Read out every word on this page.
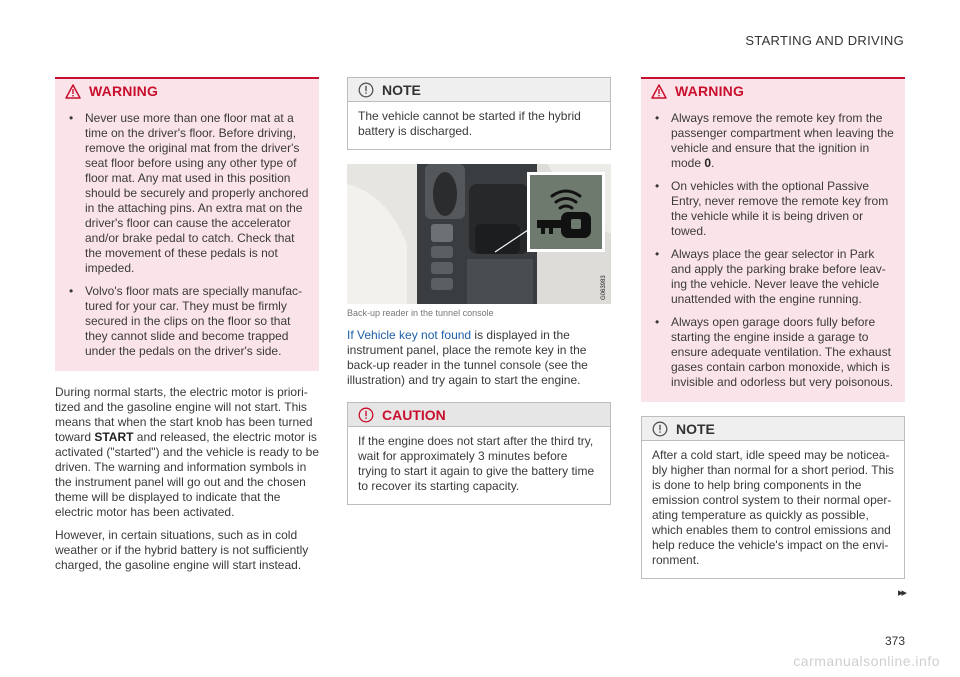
STARTING AND DRIVING
WARNING
• Never use more than one floor mat at a time on the driver's floor. Before driving, remove the original mat from the driver's seat floor before using any other type of floor mat. Any mat used in this position should be securely and properly anchored in the attaching pins. An extra mat on the driver's floor can cause the accelerator and/or brake pedal to catch. Check that the movement of these pedals is not impeded.
• Volvo's floor mats are specially manufac-tured for your car. They must be firmly secured in the clips on the floor so that they cannot slide and become trapped under the pedals on the driver's side.

During normal starts, the electric motor is priori-tized and the gasoline engine will not start. This means that when the start knob has been turned toward START and released, the electric motor is activated ("started") and the vehicle is ready to be driven. The warning and information symbols in the instrument panel will go out and the chosen theme will be displayed to indicate that the electric motor has been activated.

However, in certain situations, such as in cold weather or if the hybrid battery is not sufficiently charged, the gasoline engine will start instead.

NOTE
The vehicle cannot be started if the hybrid battery is discharged.
G063983
Back-up reader in the tunnel console

If Vehicle key not found is displayed in the instrument panel, place the remote key in the back-up reader in the tunnel console (see the illustration) and try again to start the engine.

CAUTION
If the engine does not start after the third try, wait for approximately 3 minutes before trying to start it again to give the battery time to recover its starting capacity.
WARNING
• Always remove the remote key from the passenger compartment when leaving the vehicle and ensure that the ignition in mode 0.
• On vehicles with the optional Passive Entry, never remove the remote key from the vehicle while it is being driven or towed.
• Always place the gear selector in Park and apply the parking brake before leav-ing the vehicle. Never leave the vehicle unattended with the engine running.
• Always open garage doors fully before starting the engine inside a garage to ensure adequate ventilation. The exhaust gases contain carbon monoxide, which is invisible and odorless but very poisonous.
NOTE
After a cold start, idle speed may be noticea-bly higher than normal for a short period. This is done to help bring components in the emission control system to their normal oper-ating temperature as quickly as possible, which enables them to control emissions and help reduce the vehicle's impact on the envi-ronment.
▸▸
373
carmanualsonline.info
